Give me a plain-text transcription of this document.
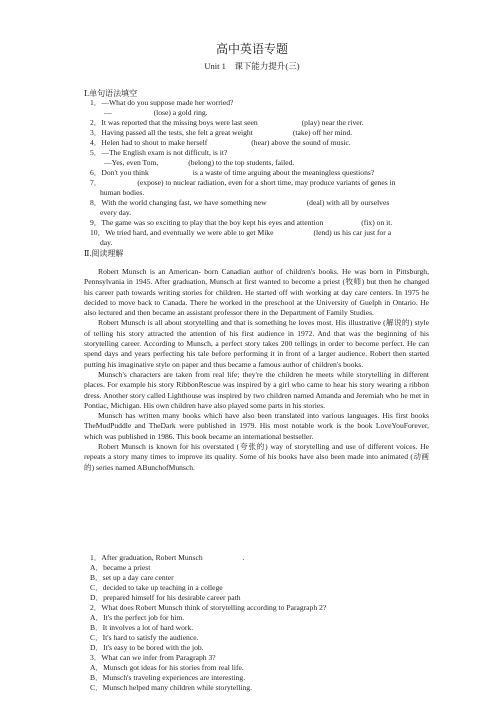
高中英语专题
Unit 1　课下能力提升(三)
Ⅰ.单句语法填空
1．—What do you suppose made her worried?
—	(lose) a gold ring.
2．It was reported that the missing boys were last seen	(play) near the river.
3．Having passed all the tests, she felt a great weight	(take) off her mind.
4．Helen had to shout to make herself	(hear) above the sound of music.
5．—The English exam is not difficult, is it?
—Yes, even Tom,	(belong) to the top students, failed.
6．Don't you think	is a waste of time arguing about the meaningless questions?
7．	(expose) to nuclear radiation, even for a short time, may produce variants of genes in
human bodies.
8．With the world changing fast, we have something new	(deal) with all by ourselves
every day.
9．The game was so exciting to play that the boy kept his eyes and attention	(fix) on it.
10．We tried hard, and eventually we were able to get Mike	(lend) us his car just for a
day.
Ⅱ.阅读理解

Robert Munsch is an American- born Canadian author of children's books. He was born in Pittsburgh, Pennsylvania in 1945. After graduation, Munsch at first wanted to become a priest (牧师) but then he changed his career path towards writing stories for children. He started off with working at day care centers. In 1975 he decided to move back to Canada. There he worked in the preschool at the University of Guelph in Ontario. He also lectured and then became an assistant professor there in the Department of Family Studies.

Robert Munsch is all about storytelling and that is something he loves most. His illustrative (解说的) style of telling his story attracted the attention of his first audience in 1972. And that was the beginning of his storytelling career. According to Munsch, a perfect story takes 200 tellings in order to become perfect. He can spend days and years perfecting his tale before performing it in front of a larger audience. Robert then started putting his imaginative style on paper and thus became a famous author of children's books.

Munsch's characters are taken from real life; they're the children he meets while storytelling in different places. For example his story RibbonRescue was inspired by a girl who came to hear his story wearing a ribbon dress. Another story called Lighthouse was inspired by two children named Amanda and Jeremiah who he met in Pontiac, Michigan. His own children have also played some parts in his stories.

Munsch has written many books which have also been translated into various languages. His first books TheMudPuddle and TheDark were published in 1979. His most notable work is the book LoveYouForever, which was published in 1986. This book became an international bestseller.

Robert Munsch is known for his overstated (夸张的) way of storytelling and use of different voices. He repeats a story many times to improve its quality. Some of his books have also been made into animated (动画的) series named ABunchofMunsch.

1．After graduation, Robert Munsch	.
A．became a priest
B．set up a day care center
C．decided to take up teaching in a college
D．prepared himself for his desirable career path
2．What does Robert Munsch think of storytelling according to Paragraph 2?
A．It's the perfect job for him.
B．It involves a lot of hard work.
C．It's hard to satisfy the audience.
D．It's easy to be bored with the job.
3．What can we infer from Paragraph 3?
A．Munsch got ideas for his stories from real life.
B．Munsch's traveling experiences are interesting.
C．Munsch helped many children while storytelling.
